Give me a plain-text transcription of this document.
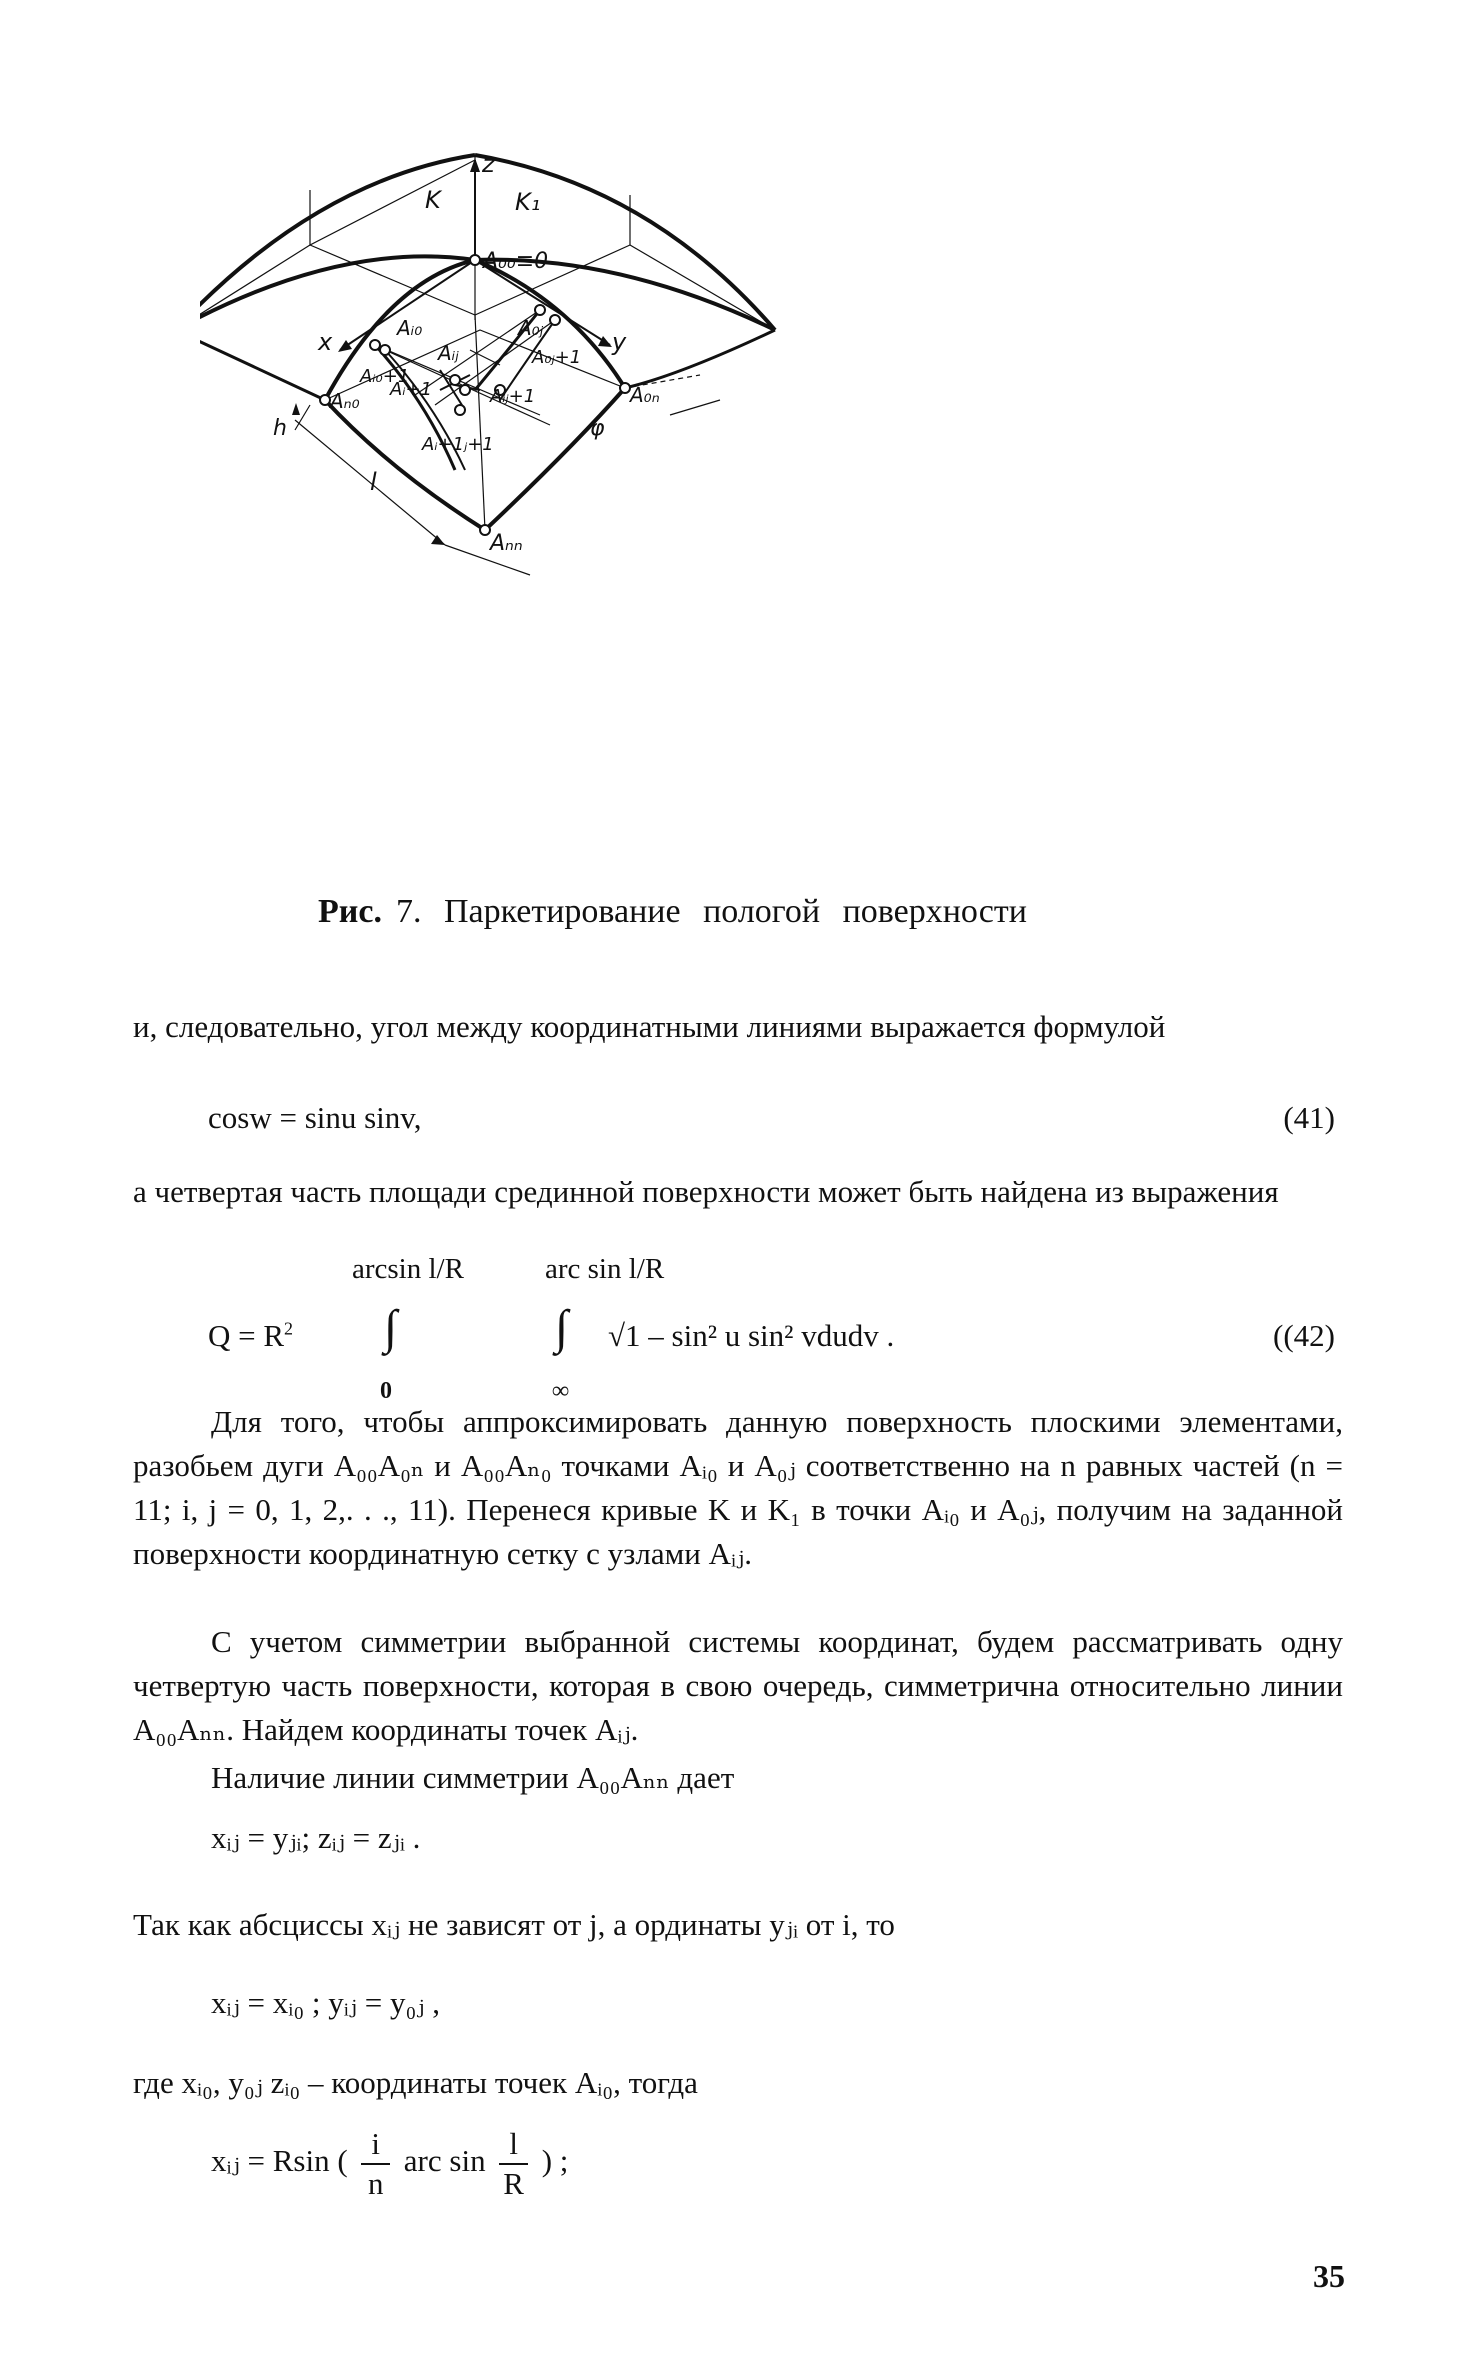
z
x	y
K	K₁
A₀₀≡0
Aᵢ₀
Aᵢ₀+1
Aₙ₀
A₀ⱼ
A₀ⱼ+1
A₀ₙ
Aᵢⱼ
Aᵢ+1	Aᵢⱼ+1
Aᵢ+1ⱼ+1
Aₙₙ
h
l
φ
Рис. 7. Паркетирование пологой поверхности
и, следовательно, угол между координатными линиями выражается формулой
cosw = sinu sinv,	(41)
а четвертая часть площади срединной поверхности может быть найдена из выражения
arcsin l/R	arc sin l/R
$Q = R^2$ ∫	∫ √1 – sin² u sin² vdudv .
0	∞
((42)
Для того, чтобы аппроксимировать данную поверхность плоскими элементами, разобьем дуги A₀₀A₀ₙ и A₀₀Aₙ₀ точками Aᵢ₀ и A₀ⱼ соответственно на n равных частей (n = 11; i, j = 0, 1, 2,. . ., 11). Перенеся кривые K и K₁ в точки Aᵢ₀ и A₀ⱼ, получим на заданной поверхности координатную сетку с узлами Aᵢⱼ.
С учетом симметрии выбранной системы координат, будем рассматривать одну четвертую часть поверхности, которая в свою очередь, симметрична относительно линии A₀₀Aₙₙ. Найдем координаты точек Aᵢⱼ.
Наличие линии симметрии A₀₀Aₙₙ дает
xᵢⱼ = yⱼᵢ; zᵢⱼ = zⱼᵢ .
Так как абсциссы xᵢⱼ не зависят от j, а ординаты yⱼᵢ от i, то
xᵢⱼ = xᵢ₀ ; yᵢⱼ = y₀ⱼ ,
где xᵢ₀, y₀ⱼ zᵢ₀ – координаты точек Aᵢ₀, тогда
xᵢⱼ = Rsin ( $\frac{i}{n}$ arc $\sin \frac{l}{R}$ ) ;
35
